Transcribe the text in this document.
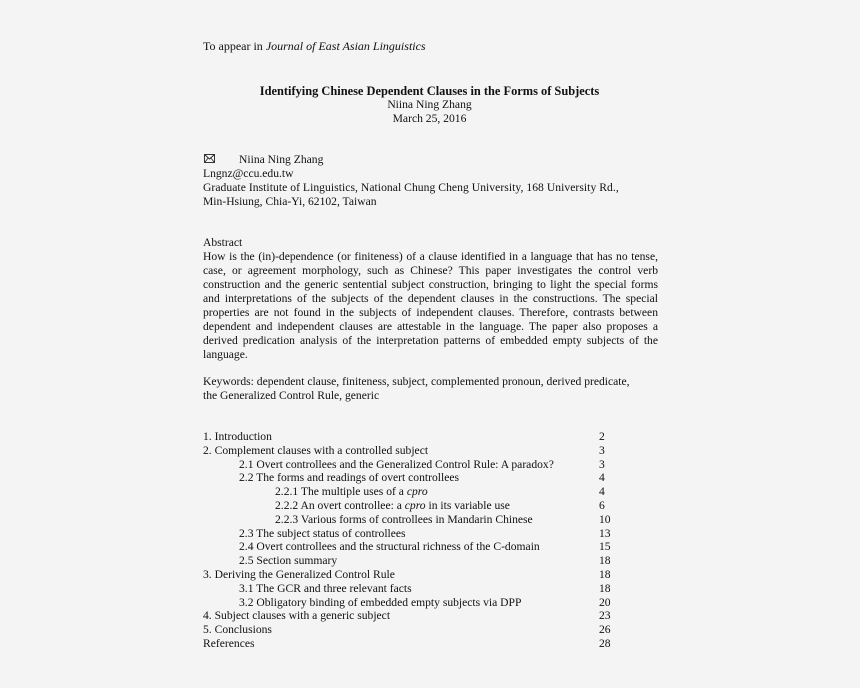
To appear in Journal of East Asian Linguistics
Identifying Chinese Dependent Clauses in the Forms of Subjects
Niina Ning Zhang
March 25, 2016
Niina Ning Zhang
Lngnz@ccu.edu.tw
Graduate Institute of Linguistics, National Chung Cheng University, 168 University Rd.,
Min-Hsiung, Chia-Yi, 62102, Taiwan
Abstract
How is the (in)-dependence (or finiteness) of a clause identified in a language that has no tense, case, or agreement morphology, such as Chinese? This paper investigates the control verb construction and the generic sentential subject construction, bringing to light the special forms and interpretations of the subjects of the dependent clauses in the constructions. The special properties are not found in the subjects of independent clauses. Therefore, contrasts between dependent and independent clauses are attestable in the language. The paper also proposes a derived predication analysis of the interpretation patterns of embedded empty subjects of the language.
Keywords: dependent clause, finiteness, subject, complemented pronoun, derived predicate,
the Generalized Control Rule, generic
1. Introduction	2
2. Complement clauses with a controlled subject	3
2.1 Overt controllees and the Generalized Control Rule: A paradox?	3
2.2 The forms and readings of overt controllees	4
2.2.1 The multiple uses of a cpro	4
2.2.2 An overt controllee: a cpro in its variable use	6
2.2.3 Various forms of controllees in Mandarin Chinese	10
2.3 The subject status of controllees	13
2.4 Overt controllees and the structural richness of the C-domain	15
2.5 Section summary	18
3. Deriving the Generalized Control Rule	18
3.1 The GCR and three relevant facts	18
3.2 Obligatory binding of embedded empty subjects via DPP	20
4. Subject clauses with a generic subject	23
5. Conclusions	26
References	28
